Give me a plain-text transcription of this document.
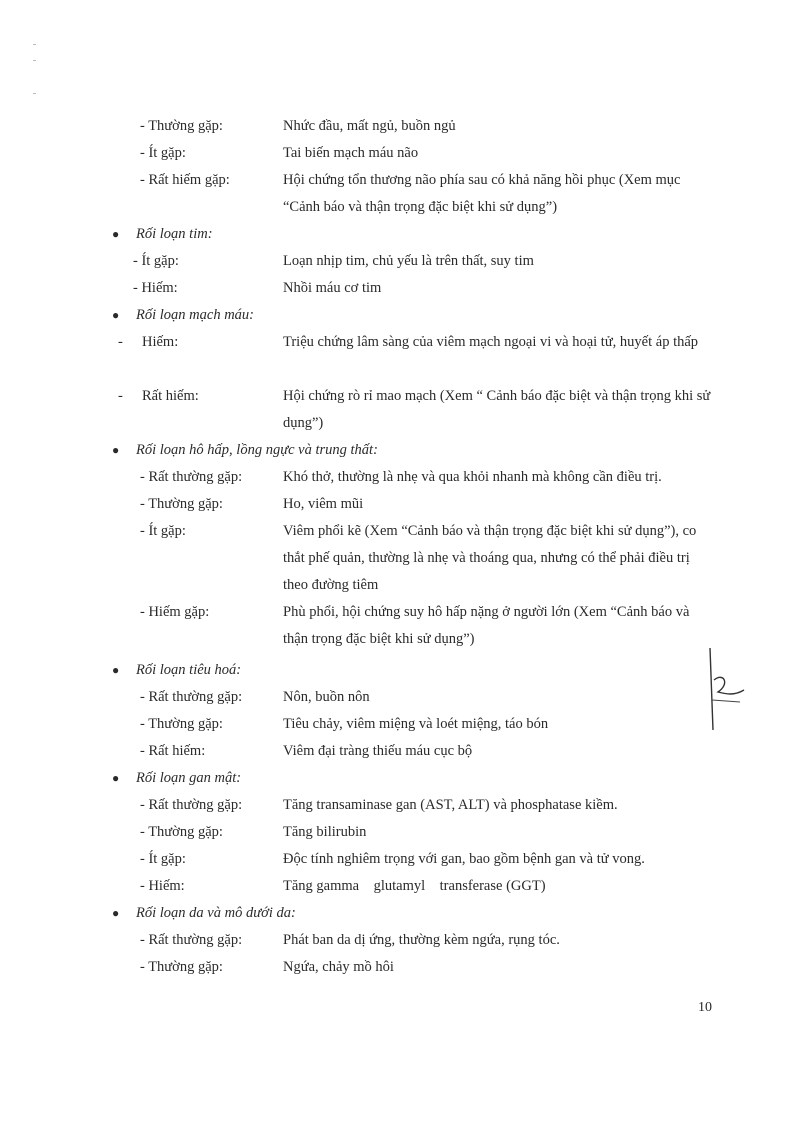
- Thường gặp:	Nhức đầu, mất ngủ, buồn ngủ
- Ít gặp:	Tai biến mạch máu não
- Rất hiếm gặp:	Hội chứng tổn thương não phía sau có khả năng hồi phục (Xem mục “Cảnh báo và thận trọng đặc biệt khi sử dụng”)
● Rối loạn tim:
- Ít gặp:	Loạn nhịp tim, chủ yếu là trên thất, suy tim
- Hiếm:	Nhồi máu cơ tim
● Rối loạn mạch máu:
- Hiếm:	Triệu chứng lâm sàng của viêm mạch ngoại vi và hoại tử, huyết áp thấp
- Rất hiếm:	Hội chứng rò rỉ mao mạch (Xem “ Cảnh báo đặc biệt và thận trọng khi sử dụng”)
● Rối loạn hô hấp, lồng ngực và trung thất:
- Rất thường gặp:	Khó thở, thường là nhẹ và qua khỏi nhanh mà không cần điều trị.
- Thường gặp:	Ho, viêm mũi
- Ít gặp:	Viêm phổi kẽ (Xem “Cảnh báo và thận trọng đặc biệt khi sử dụng”), co thắt phế quản, thường là nhẹ và thoáng qua, nhưng có thể phải điều trị theo đường tiêm
- Hiếm gặp:	Phù phổi, hội chứng suy hô hấp nặng ở người lớn (Xem “Cảnh báo và thận trọng đặc biệt khi sử dụng”)
● Rối loạn tiêu hoá:
- Rất thường gặp:	Nôn, buồn nôn
- Thường gặp:	Tiêu chảy, viêm miệng và loét miệng, táo bón
- Rất hiếm:	Viêm đại tràng thiếu máu cục bộ
● Rối loạn gan mật:
- Rất thường gặp:	Tăng transaminase gan (AST, ALT) và phosphatase kiềm.
- Thường gặp:	Tăng bilirubin
- Ít gặp:	Độc tính nghiêm trọng với gan, bao gồm bệnh gan và tử vong.
- Hiếm:	Tăng gamma    glutamyl    transferase (GGT)
● Rối loạn da và mô dưới da:
- Rất thường gặp:	Phát ban da dị ứng, thường kèm ngứa, rụng tóc.
- Thường gặp:	Ngứa, chảy mồ hôi
10
